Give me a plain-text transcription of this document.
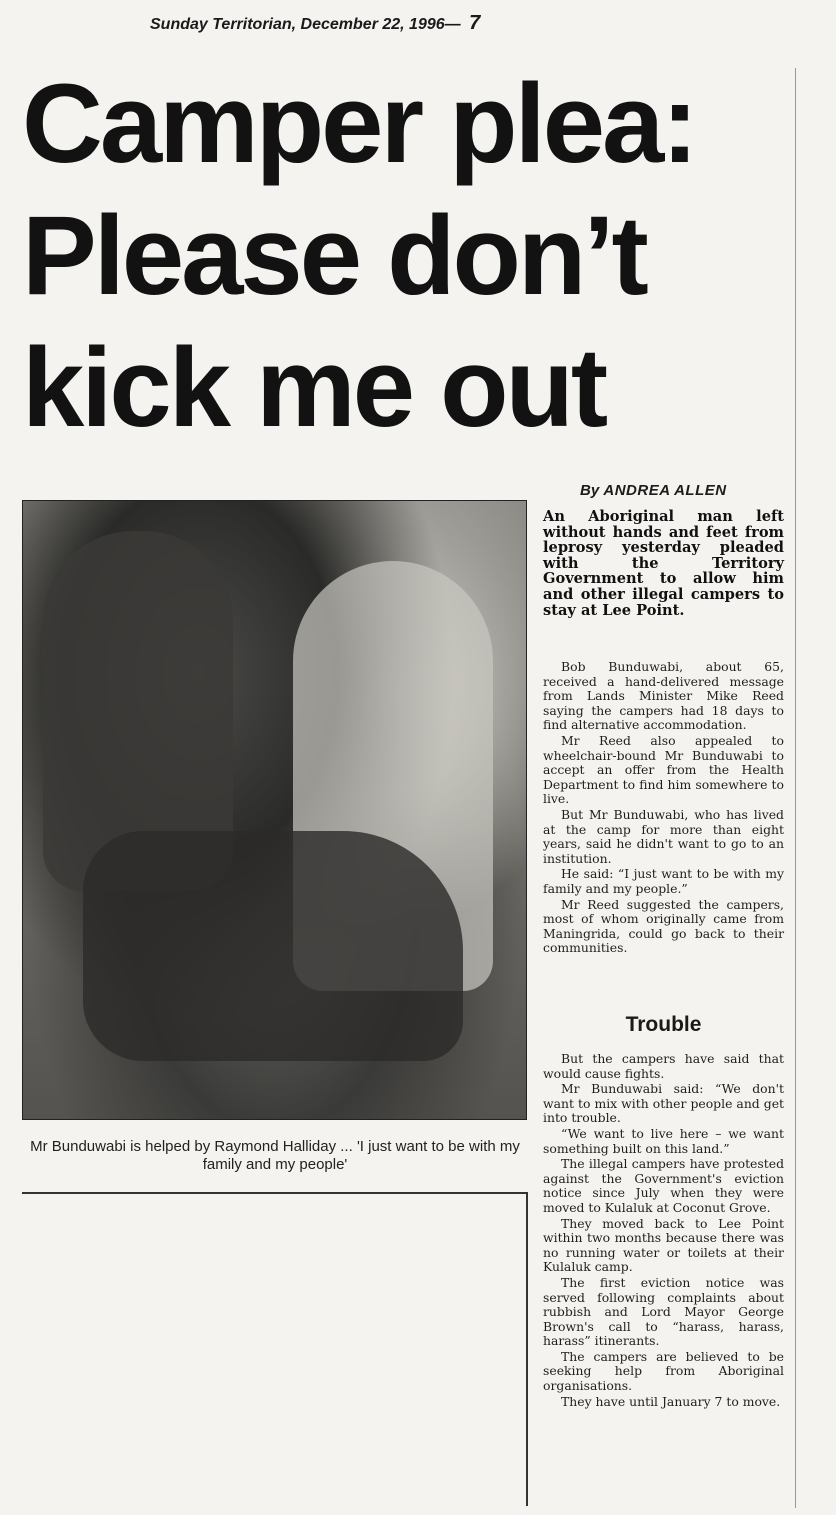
Sunday Territorian, December 22, 1996— 7
Camper plea:
Please don’t
kick me out
Mr Bunduwabi is helped by Raymond Halliday ... 'I just want to be with my family and my people'
By ANDREA ALLEN

An Aboriginal man left without hands and feet from leprosy yesterday pleaded with the Territory Government to allow him and other illegal campers to stay at Lee Point.

Bob Bunduwabi, about 65, received a hand-delivered message from Lands Minister Mike Reed saying the campers had 18 days to find alternative accommodation.

Mr Reed also appealed to wheelchair-bound Mr Bunduwabi to accept an offer from the Health Department to find him somewhere to live.

But Mr Bunduwabi, who has lived at the camp for more than eight years, said he didn't want to go to an institution.

He said: “I just want to be with my family and my people.”

Mr Reed suggested the campers, most of whom originally came from Maningrida, could go back to their communities.

Trouble

But the campers have said that would cause fights.

Mr Bunduwabi said: “We don't want to mix with other people and get into trouble.

“We want to live here – we want something built on this land.”

The illegal campers have protested against the Government's eviction notice since July when they were moved to Kulaluk at Coconut Grove.

They moved back to Lee Point within two months because there was no running water or toilets at their Kulaluk camp.

The first eviction notice was served following complaints about rubbish and Lord Mayor George Brown's call to “harass, harass, harass” itinerants.

The campers are believed to be seeking help from Aboriginal organisations.

They have until January 7 to move.
